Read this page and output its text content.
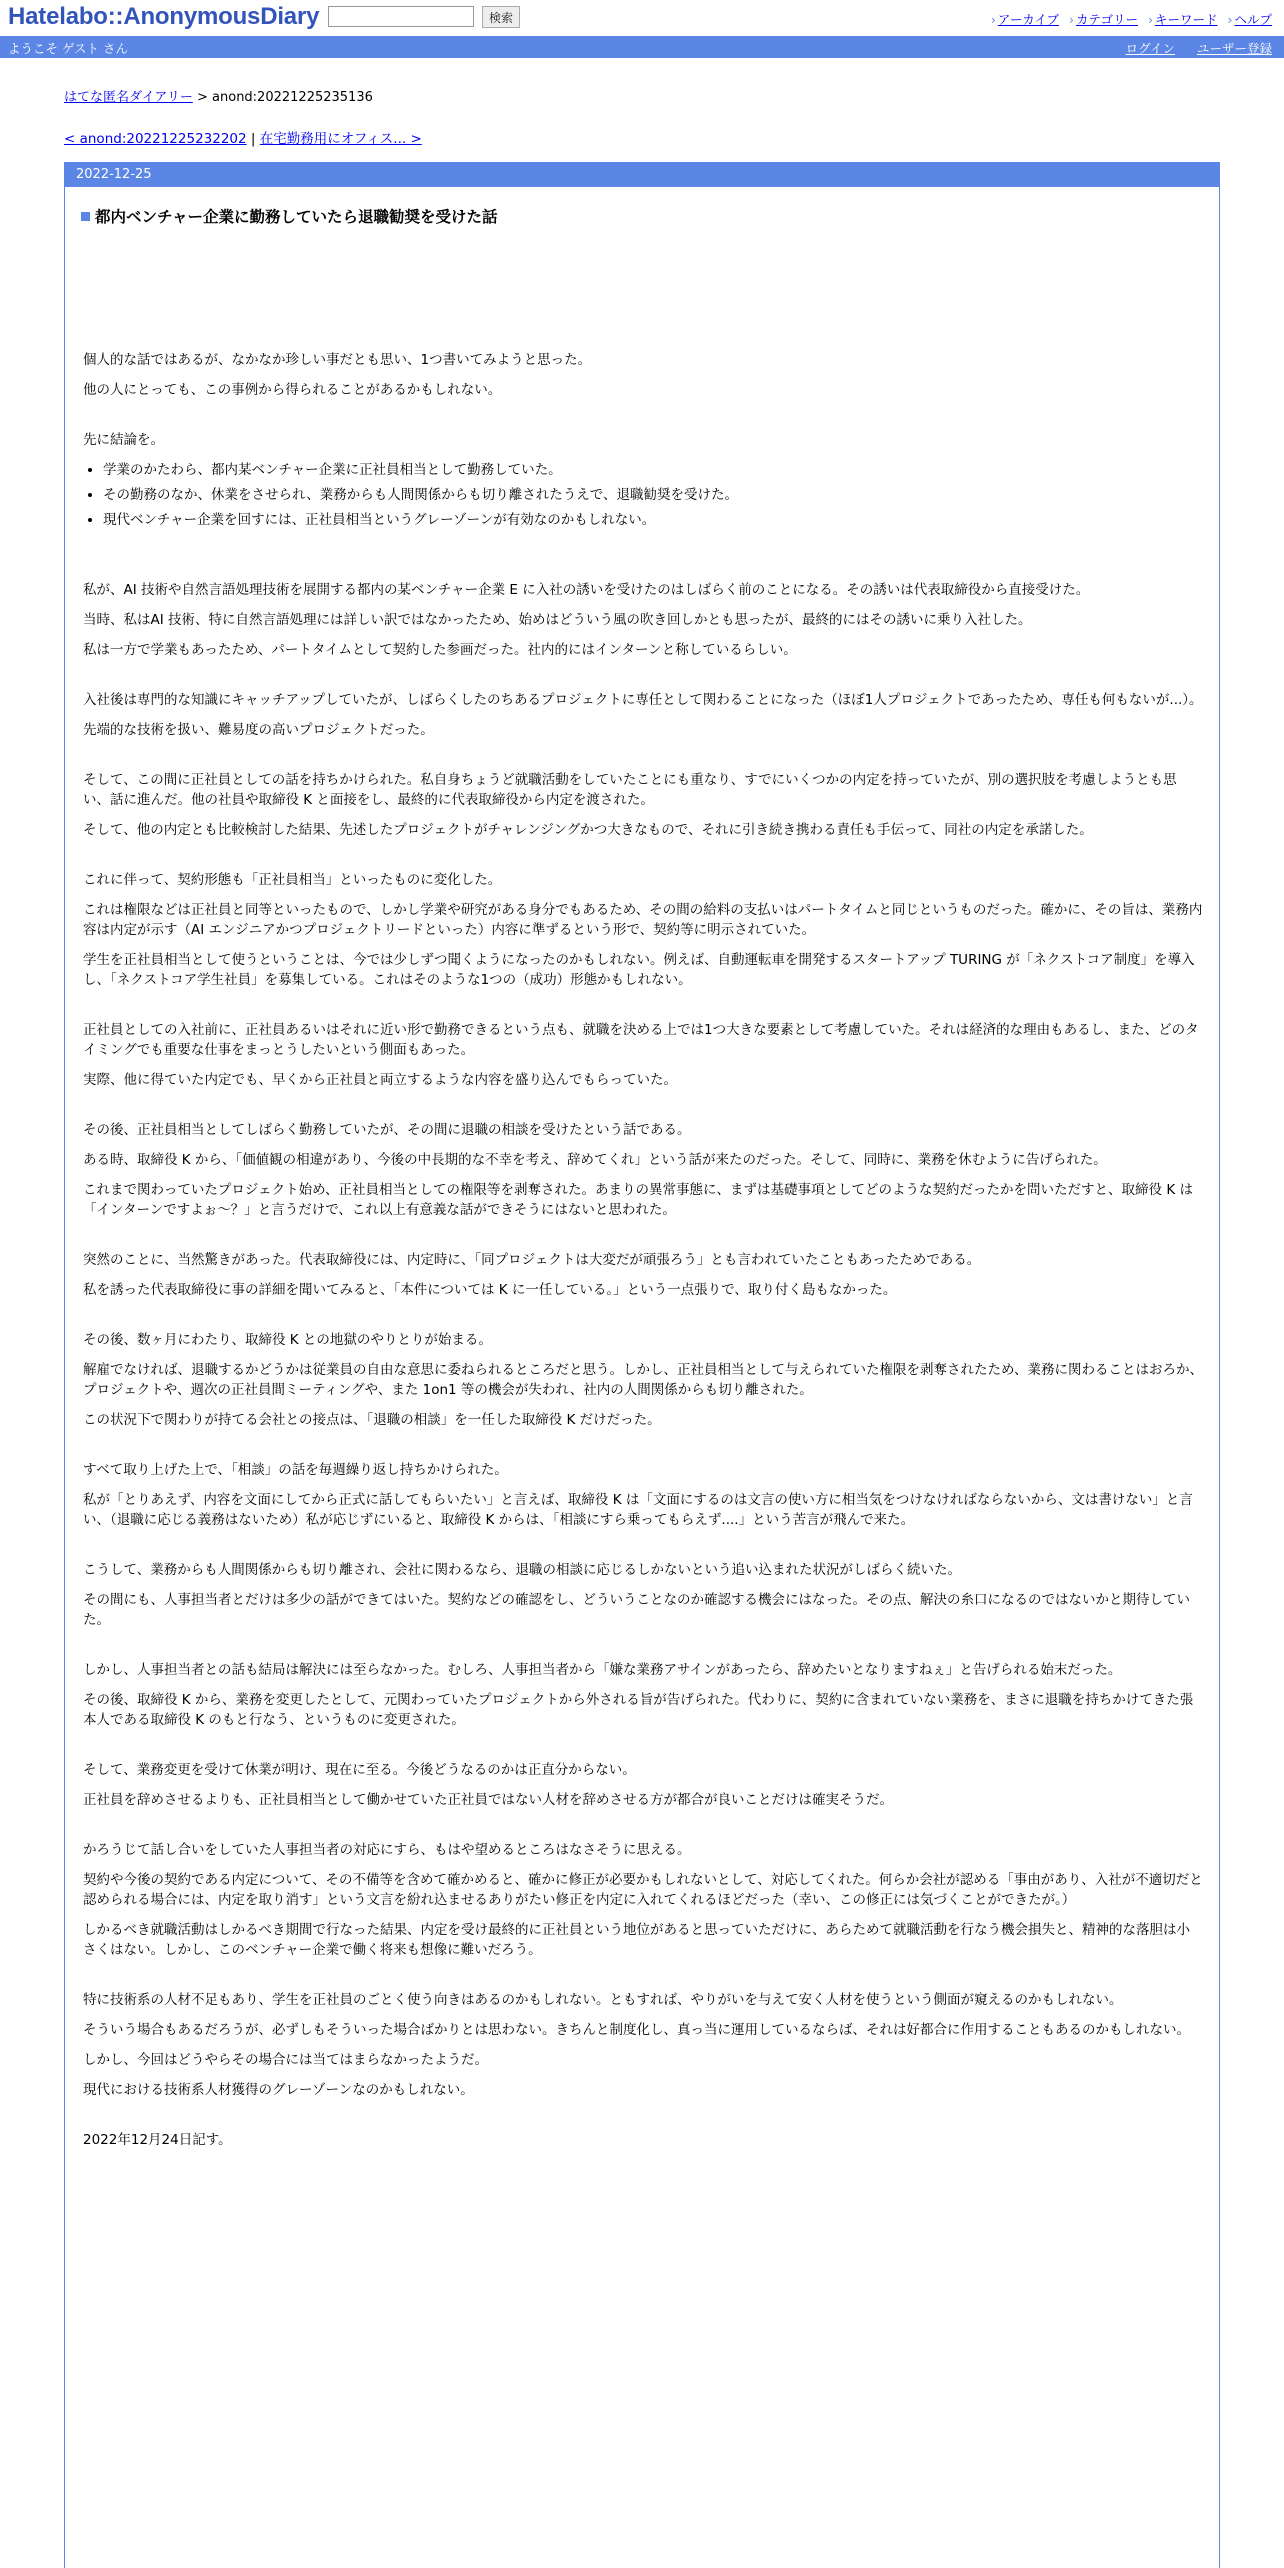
Hatelabo::AnonymousDiary	検索	› アーカイブ › カテゴリー › キーワード › ヘルプ
ようこそ ゲスト さん	ログイン ユーザー登録
はてな匿名ダイアリー > anond:20221225235136
< anond:20221225232202 | 在宅勤務用にオフィス... >
2022-12-25
都内ベンチャー企業に勤務していたら退職勧奨を受けた話

個人的な話ではあるが、なかなか珍しい事だとも思い、1つ書いてみようと思った。

他の人にとっても、この事例から得られることがあるかもしれない。

先に結論を。

• 学業のかたわら、都内某ベンチャー企業に正社員相当として勤務していた。
• その勤務のなか、休業をさせられ、業務からも人間関係からも切り離されたうえで、退職勧奨を受けた。
• 現代ベンチャー企業を回すには、正社員相当というグレーゾーンが有効なのかもしれない。

私が、AI 技術や自然言語処理技術を展開する都内の某ベンチャー企業 E に入社の誘いを受けたのはしばらく前のことになる。その誘いは代表取締役から直接受けた。

当時、私はAI 技術、特に自然言語処理には詳しい訳ではなかったため、始めはどういう風の吹き回しかとも思ったが、最終的にはその誘いに乗り入社した。

私は一方で学業もあったため、パートタイムとして契約した参画だった。社内的にはインターンと称しているらしい。

入社後は専門的な知識にキャッチアップしていたが、しばらくしたのちあるプロジェクトに専任として関わることになった（ほぼ1人プロジェクトであったため、専任も何もないが...）。

先端的な技術を扱い、難易度の高いプロジェクトだった。

そして、この間に正社員としての話を持ちかけられた。私自身ちょうど就職活動をしていたことにも重なり、すでにいくつかの内定を持っていたが、別の選択肢を考慮しようとも思い、話に進んだ。他の社員や取締役 K と面接をし、最終的に代表取締役から内定を渡された。

そして、他の内定とも比較検討した結果、先述したプロジェクトがチャレンジングかつ大きなもので、それに引き続き携わる責任も手伝って、同社の内定を承諾した。

これに伴って、契約形態も「正社員相当」といったものに変化した。

これは権限などは正社員と同等といったもので、しかし学業や研究がある身分でもあるため、その間の給料の支払いはパートタイムと同じというものだった。確かに、その旨は、業務内容は内定が示す（AI エンジニアかつプロジェクトリードといった）内容に準ずるという形で、契約等に明示されていた。

学生を正社員相当として使うということは、今では少しずつ聞くようになったのかもしれない。例えば、自動運転車を開発するスタートアップ TURING が「ネクストコア制度」を導入し、「ネクストコア学生社員」を募集している。これはそのような1つの（成功）形態かもしれない。

正社員としての入社前に、正社員あるいはそれに近い形で勤務できるという点も、就職を決める上では1つ大きな要素として考慮していた。それは経済的な理由もあるし、また、どのタイミングでも重要な仕事をまっとうしたいという側面もあった。

実際、他に得ていた内定でも、早くから正社員と両立するような内容を盛り込んでもらっていた。

その後、正社員相当としてしばらく勤務していたが、その間に退職の相談を受けたという話である。

ある時、取締役 K から、「価値観の相違があり、今後の中長期的な不幸を考え、辞めてくれ」という話が来たのだった。そして、同時に、業務を休むように告げられた。

これまで関わっていたプロジェクト始め、正社員相当としての権限等を剥奪された。あまりの異常事態に、まずは基礎事項としてどのような契約だったかを問いただすと、取締役 K は「インターンですよぉ〜？」と言うだけで、これ以上有意義な話ができそうにはないと思われた。

突然のことに、当然驚きがあった。代表取締役には、内定時に、「同プロジェクトは大変だが頑張ろう」とも言われていたこともあったためである。

私を誘った代表取締役に事の詳細を聞いてみると、「本件については K に一任している。」という一点張りで、取り付く島もなかった。

その後、数ヶ月にわたり、取締役 K との地獄のやりとりが始まる。

解雇でなければ、退職するかどうかは従業員の自由な意思に委ねられるところだと思う。しかし、正社員相当として与えられていた権限を剥奪されたため、業務に関わることはおろか、プロジェクトや、週次の正社員間ミーティングや、また 1on1 等の機会が失われ、社内の人間関係からも切り離された。

この状況下で関わりが持てる会社との接点は、「退職の相談」を一任した取締役 K だけだった。

すべて取り上げた上で、「相談」の話を毎週繰り返し持ちかけられた。

私が「とりあえず、内容を文面にしてから正式に話してもらいたい」と言えば、取締役 K は「文面にするのは文言の使い方に相当気をつけなければならないから、文は書けない」と言い、（退職に応じる義務はないため）私が応じずにいると、取締役 K からは、「相談にすら乗ってもらえず....」という苦言が飛んで来た。

こうして、業務からも人間関係からも切り離され、会社に関わるなら、退職の相談に応じるしかないという追い込まれた状況がしばらく続いた。

その間にも、人事担当者とだけは多少の話ができてはいた。契約などの確認をし、どういうことなのか確認する機会にはなった。その点、解決の糸口になるのではないかと期待していた。

しかし、人事担当者との話も結局は解決には至らなかった。むしろ、人事担当者から「嫌な業務アサインがあったら、辞めたいとなりますねぇ」と告げられる始末だった。

その後、取締役 K から、業務を変更したとして、元関わっていたプロジェクトから外される旨が告げられた。代わりに、契約に含まれていない業務を、まさに退職を持ちかけてきた張本人である取締役 K のもと行なう、というものに変更された。

そして、業務変更を受けて休業が明け、現在に至る。今後どうなるのかは正直分からない。

正社員を辞めさせるよりも、正社員相当として働かせていた正社員ではない人材を辞めさせる方が都合が良いことだけは確実そうだ。

かろうじて話し合いをしていた人事担当者の対応にすら、もはや望めるところはなさそうに思える。

契約や今後の契約である内定について、その不備等を含めて確かめると、確かに修正が必要かもしれないとして、対応してくれた。何らか会社が認める「事由があり、入社が不適切だと認められる場合には、内定を取り消す」という文言を紛れ込ませるありがたい修正を内定に入れてくれるほどだった（幸い、この修正には気づくことができたが。）

しかるべき就職活動はしかるべき期間で行なった結果、内定を受け最終的に正社員という地位があると思っていただけに、あらためて就職活動を行なう機会損失と、精神的な落胆は小さくはない。しかし、このベンチャー企業で働く将来も想像に難いだろう。

特に技術系の人材不足もあり、学生を正社員のごとく使う向きはあるのかもしれない。ともすれば、やりがいを与えて安く人材を使うという側面が窺えるのかもしれない。

そういう場合もあるだろうが、必ずしもそういった場合ばかりとは思わない。きちんと制度化し、真っ当に運用しているならば、それは好都合に作用することもあるのかもしれない。

しかし、今回はどうやらその場合には当てはまらなかったようだ。

現代における技術系人材獲得のグレーゾーンなのかもしれない。

2022年12月24日記す。
